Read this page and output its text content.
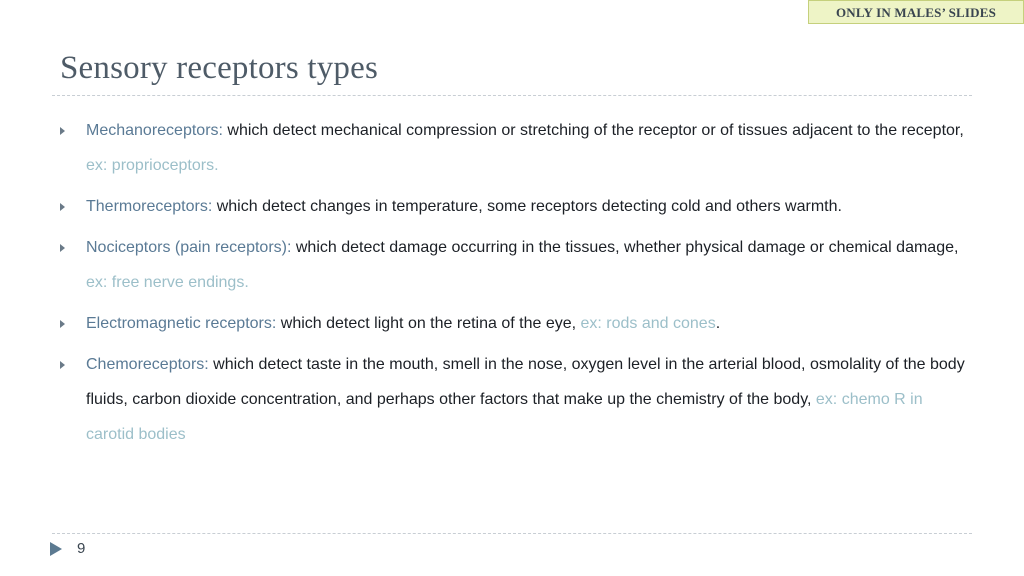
ONLY IN MALES’ SLIDES
Sensory receptors types
Mechanoreceptors: which detect mechanical compression or stretching of the receptor or of tissues adjacent to the receptor, ex: proprioceptors.
Thermoreceptors: which detect changes in temperature, some receptors detecting cold and others warmth.
Nociceptors (pain receptors): which detect damage occurring in the tissues, whether physical damage or chemical damage, ex: free nerve endings.
Electromagnetic receptors: which detect light on the retina of the eye, ex: rods and cones.
Chemoreceptors: which detect taste in the mouth, smell in the nose, oxygen level in the arterial blood, osmolality of the body fluids, carbon dioxide concentration, and perhaps other factors that make up the chemistry of the body, ex: chemo R in carotid bodies
9
